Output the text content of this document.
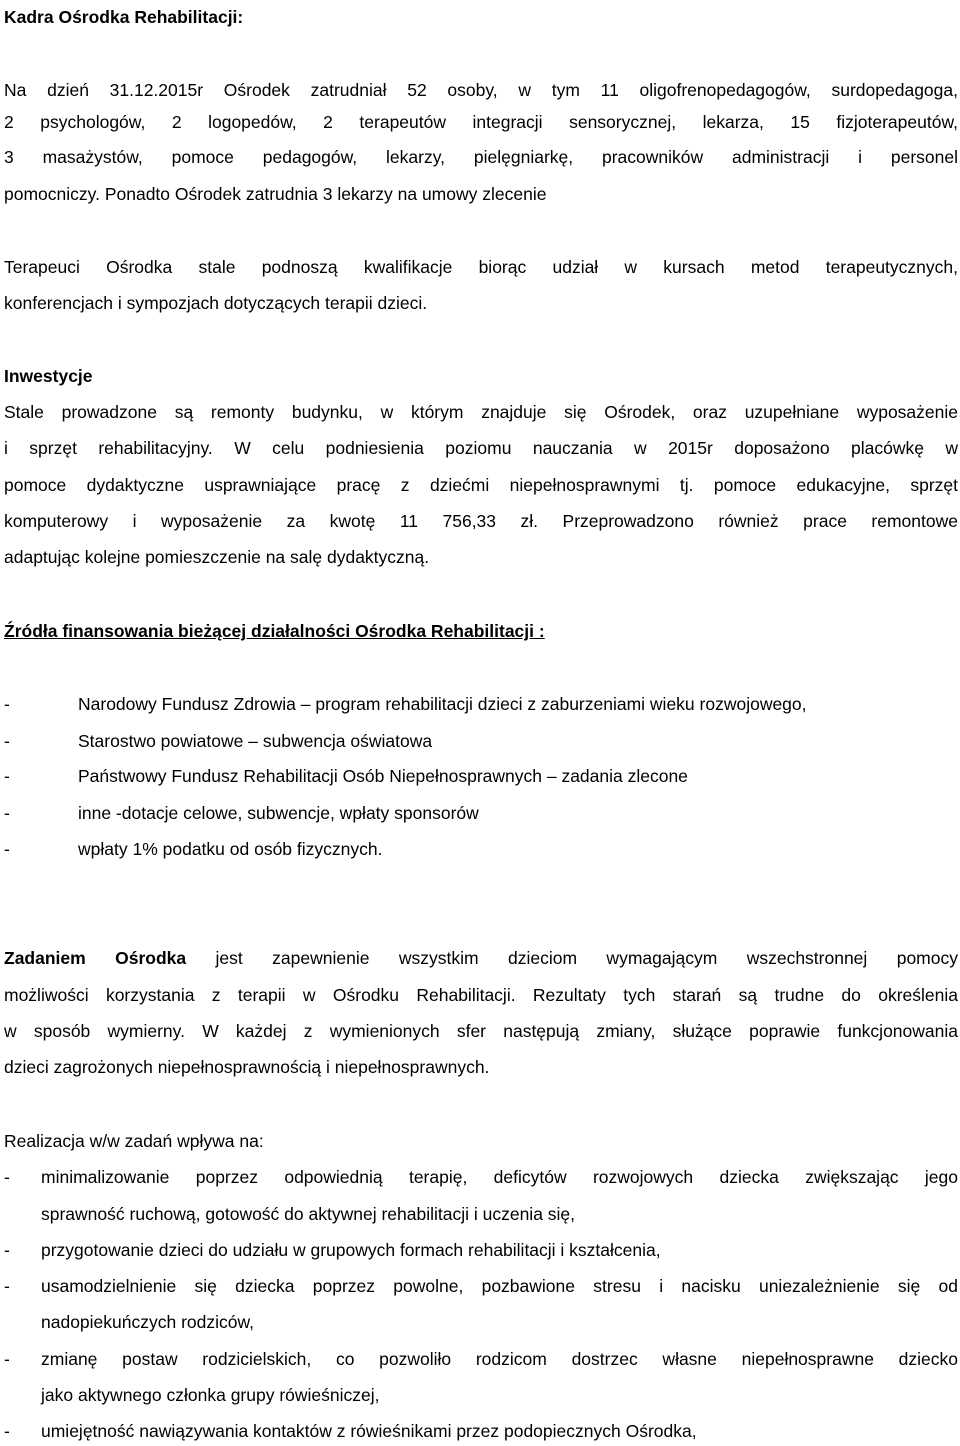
Kadra Ośrodka Rehabilitacji:
Na dzień 31.12.2015r Ośrodek zatrudniał 52 osoby, w tym 11 oligofrenopedagogów, surdopedagoga,
2 psychologów, 2 logopedów, 2 terapeutów integracji sensorycznej, lekarza, 15 fizjoterapeutów,
3 masażystów, pomoce pedagogów, lekarzy, pielęgniarkę, pracowników administracji i personel
pomocniczy. Ponadto Ośrodek zatrudnia 3 lekarzy na umowy zlecenie
Terapeuci Ośrodka stale podnoszą kwalifikacje biorąc udział w kursach metod terapeutycznych,
konferencjach i sympozjach dotyczących terapii dzieci.
Inwestycje
Stale prowadzone są remonty budynku, w którym znajduje się Ośrodek, oraz uzupełniane wyposażenie
i sprzęt rehabilitacyjny. W celu podniesienia poziomu nauczania w 2015r doposażono placówkę w
pomoce dydaktyczne usprawniające pracę z dziećmi niepełnosprawnymi tj. pomoce edukacyjne, sprzęt
komputerowy i wyposażenie za kwotę 11 756,33 zł. Przeprowadzono również prace remontowe
adaptując kolejne pomieszczenie na salę dydaktyczną.
Źródła finansowania bieżącej działalności Ośrodka Rehabilitacji :
-	Narodowy Fundusz Zdrowia – program rehabilitacji dzieci z zaburzeniami wieku rozwojowego,
-	Starostwo powiatowe – subwencja oświatowa
-	Państwowy Fundusz Rehabilitacji Osób Niepełnosprawnych – zadania zlecone
-	inne -dotacje celowe, subwencje, wpłaty sponsorów
-	wpłaty 1% podatku od osób fizycznych.
Zadaniem Ośrodka jest zapewnienie wszystkim dzieciom wymagającym wszechstronnej pomocy
możliwości korzystania z terapii w Ośrodku Rehabilitacji. Rezultaty tych starań są trudne do określenia
w sposób wymierny. W każdej z wymienionych sfer następują zmiany, służące poprawie funkcjonowania
dzieci zagrożonych niepełnosprawnością i niepełnosprawnych.
Realizacja w/w zadań wpływa na:
- minimalizowanie poprzez odpowiednią terapię, deficytów rozwojowych dziecka zwiększając jego
sprawność ruchową, gotowość do aktywnej rehabilitacji i uczenia się,
- przygotowanie dzieci do udziału w grupowych formach rehabilitacji i kształcenia,
- usamodzielnienie się dziecka poprzez powolne, pozbawione stresu i nacisku uniezależnienie się od
nadopiekuńczych rodziców,
- zmianę postaw rodzicielskich, co pozwoliło rodzicom dostrzec własne niepełnosprawne dziecko
jako aktywnego członka grupy rówieśniczej,
- umiejętność nawiązywania kontaktów z rówieśnikami przez podopiecznych Ośrodka,
